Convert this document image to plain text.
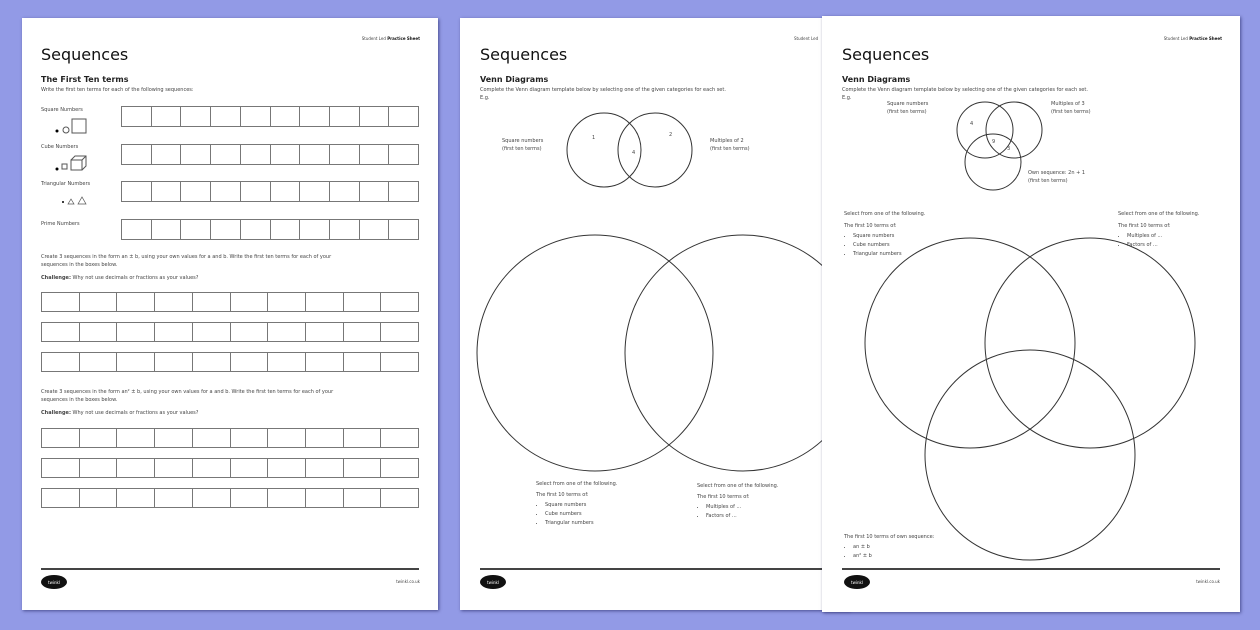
Student Led Practice Sheet
Sequences
The First Ten terms
Write the first ten terms for each of the following sequences:
Square Numbers
Cube Numbers
Triangular Numbers
Prime Numbers
Create 3 sequences in the form an ± b, using your own values for a and b. Write the first ten terms for each of your
sequences in the boxes below.
Challenge: Why not use decimals or fractions as your values?
Create 3 sequences in the form an² ± b, using your own values for a and b. Write the first ten terms for each of your
sequences in the boxes below.
Challenge: Why not use decimals or fractions as your values?
twinkl	twinkl.co.uk
Student Led
Sequences
Venn Diagrams
Complete the Venn diagram template below by selecting one of the given categories for each set.
E.g.
Square numbers
(first ten terms)
Multiples of 2
(first ten terms)
1
4
2
Select from one of the following.
The first 10 terms of:
• Square numbers
• Cube numbers
• Triangular numbers
Select from one of the following.
The first 10 terms of:
• Multiples of ...
• Factors of ...
twinkl
Student Led Practice Sheet
Sequences
Venn Diagrams
Complete the Venn diagram template below by selecting one of the given categories for each set.
E.g.
Square numbers
(first ten terms)
Multiples of 3
(first ten terms)
Own sequence: 2n + 1
(first ten terms)
4
9
3
Select from one of the following.
The first 10 terms of:
• Square numbers
• Cube numbers
• Triangular numbers
Select from one of the following.
The first 10 terms of:
• Multiples of ...
• Factors of ...
The first 10 terms of own sequence:
• an ± b
• an² ± b
twinkl	twinkl.co.uk
